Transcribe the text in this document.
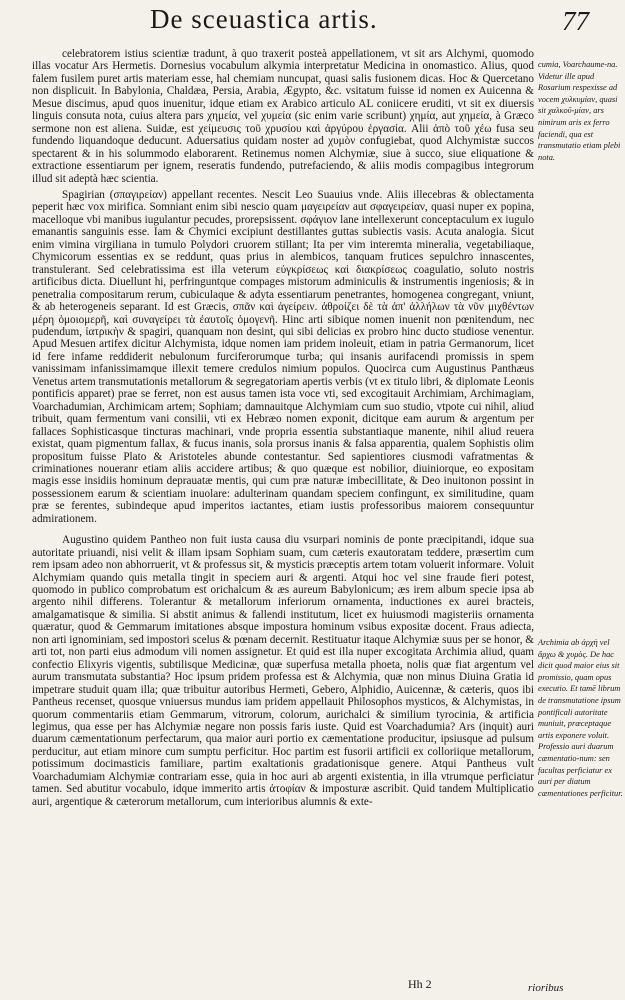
De sceuastica artis.	77

celebratorem istius scientiæ tradunt, à quo traxerit posteà appellationem, vt sit ars Alchymi, quomodo illas vocatur Ars Hermetis. Dornesius vocabulum alkymia interpretatur Medicina in onomastico. Alius, quod falem fusilem puret artis materiam esse, hal chemiam nuncupat, quasi salis fusionem dicas. Hoc & Quercetano non displicuit. In Babylonia, Chaldæa, Persia, Arabia, Ægypto, &c. vsitatum fuisse id nomen ex Auicenna & Mesue discimus, apud quos inuenitur, idque etiam ex Arabico articulo AL coniicere eruditi, vt sit ex diuersis linguis consuta nota, cuius altera pars χημεία, vel χυμεία (sic enim varie scribunt) χημία, aut χημεία, à Græco sermone non est aliena. Suidæ, est χείμευσις τοῦ χρυσίου καὶ ἀργύρου ἐργασία. Alii ἀπὸ τοῦ χέω fusa seu fundendo liquandoque deducunt. Aduersatius quidam noster ad χυμὸν confugiebat, quod Alchymistæ succos spectarent & in his solummodo elaborarent. Retinemus nomen Alchymiæ, siue à succo, siue eliquatione & extractione essentiarum per ignem, reseratis fundendo, putrefaciendo, & aliis modis compagibus integrorum illud sit adeptà hæc scientia.

Spagirian (σπαγιρείαν) appellant recentes. Nescit Leo Suauius vnde. Aliis illecebras & oblectamenta peperit hæc vox mirifica. Somniant enim sibi nescio quam μαγειρείαν aut σφαγειρείαν, quasi nuper ex popina, macelloque vbi manibus iugulantur pecudes, prorepsissent. σφάγιον lane intellexerunt conceptaculum ex iugulo emanantis sanguinis esse. Iam & Chymici excipiunt destillantes guttas subiectis vasis. Acuta analogia. Sicut enim vimina virgiliana in tumulo Polydori cruorem stillant; Ita per vim interemta mineralia, vegetabiliaque, Chymicorum essentias ex se reddunt, quas prius in alembicos, tanquam frutices sepulchro innascentes, transtulerant. Sed celebratissima est illa veterum εὐγκρίσεως καὶ διακρίσεως coagulatio, soluto nostris artificibus dicta. Diuellunt hi, perfringuntque compages mistorum adminiculis & instrumentis ingeniosis; & in penetralia compositarum rerum, cubiculaque & adyta essentiarum penetrantes, homogenea congregant, vniunt, & ab heterogeneis separant. Id est Græcis, σπᾶν καὶ ἀγείρειν. ἀθροίζει δὲ τὰ ἀπ' ἀλλήλων τὰ νῦν μιχθέντων μέρη ὁμοιομερῆ, καὶ συναγείρει τὰ ἐαυτοῖς ὁμογενῆ. Hinc arti sibique nomen inuenit non pœnitendum, nec pudendum, ἰατρικὴν & spagiri, quanquam non desint, qui sibi delicias ex probro hinc ducto studiose venentur. Apud Mesuen artifex dicitur Alchymista, idque nomen iam pridem inoleuit, etiam in patria Germanorum, licet id fere infame reddiderit nebulonum furciferorumque turba; qui insanis aurifacendi promissis in spem vanissimam infanissimamque illexit temere credulos nimium populos. Quocirca cum Augustinus Panthæus Venetus artem transmutationis metallorum & segregatoriam apertis verbis (vt ex titulo libri, & diplomate Leonis pontificis apparet) prae se ferret, non est ausus tamen ista voce vti, sed excogitauit Archimiam, Archimagiam, Voarchadumian, Archimicam artem; Sophiam; damnauitque Alchymiam cum suo studio, vtpote cui nihil, aliud tribuit, quam fermentum vani consilii, vti ex Hebræo nomen exponit, dicitque eam aurum & argentum per fallaces Sophisticasque tincturas machinari, vnde propria essentia substantiaque manente, nihil aliud reuera existat, quam pigmentum fallax, & fucus inanis, sola prorsus inanis & falsa apparentia, qualem Sophistis olim propositum fuisse Plato & Aristoteles abunde contestantur. Sed sapientiores ciusmodi vafratmentas & criminationes noueranr etiam aliis accidere artibus; & quo quæque est nobilior, diuiniorque, eo expositam magis esse insidiis hominum deprauatæ mentis, qui cum præ naturæ imbecillitate, & Deo inuitonon possint in possessionem earum & scientiam inuolare: adulterinam quandam speciem confingunt, ex similitudine, quam præ se ferentes, subindeque apud imperitos iactantes, etiam iustis professoribus maiorem consequuntur admirationem.

Augustino quidem Pantheo non fuit iusta causa diu vsurpari nominis de ponte præcipitandi, idque sua autoritate priuandi, nisi velit & illam ipsam Sophiam suam, cum cæteris exautoratam teddere, præsertim cum rem ipsam adeo non abhorruerit, vt & professus sit, & mysticis præceptis artem totam voluerit informare. Voluit Alchymiam quando quis metalla tingit in speciem auri & argenti. Atqui hoc vel sine fraude fieri potest, quomodo in publico comprobatum est orichalcum & æs aureum Babylonicum; æs irem album specie ipsa ab argento nihil differens. Tolerantur & metallorum inferiorum ornamenta, inductiones ex aurei bracteis, amalgamatisque & similia. Si abstit animus & fallendi institutum, licet ex huiusmodi magisteriis ornamenta quæratur, quod & Gemmarum imitationes absque impostura hominum vsibus expositæ docent. Fraus adiecta, non arti ignominiam, sed impostori scelus & pœnam decernit. Restituatur itaque Alchymiæ suus per se honor, & arti tot, non parti eius admodum vili nomen assignetur. Et quid est illa nuper excogitata Archimia aliud, quam confectio Elixyris vigentis, subtilisque Medicinæ, quæ superfusa metalla phoeta, nolis quæ fiat argentum vel aurum transmutata substantia? Hoc ipsum pridem professa est & Alchymia, quæ non minus Diuina Gratia id impetrare studuit quam illa; quæ tribuitur autoribus Hermeti, Gebero, Alphidio, Auicennæ, & cæteris, quos ibi Pantheus recenset, quosque vniuersus mundus iam pridem appellauit Philosophos mysticos, & Alchymistas, in quorum commentariis etiam Gemmarum, vitrorum, colorum, aurichalci & similium tyrocinia, & artificia legimus, qua esse per has Alchymiæ negare non possis faris iuste. Quid est Voarchadumia? Ars (inquit) auri duarum cæmentationum perfectarum, qua maior auri portio ex cæmentatione producitur, ipsiusque ad pulsum perducitur, aut etiam minore cum sumptu perficitur. Hoc partim est fusorii artificii ex colloriique metallorum, potissimum docimasticis familiare, partim exaltationis gradationisque genere. Atqui Pantheus vult Voarchadumiam Alchymiæ contrariam esse, quia in hoc auri ab argenti existentia, in illa vtrumque perficiatur tamen. Sed abutitur vocabulo, idque immerito artis ἀτοφίαν & imposturæ ascribit. Quid tandem Multiplicatio auri, argentique & cæterorum metallorum, cum interioribus alumnis & exte-

cumia, Voarchaume-na. Videtur ille apud Rosarium respexisse ad vocem χυλκυμίαν, quasi sit χαλκοῦ-μίαν, ars nimirum aris ex ferro faciendi, qua est transmutatio etiam plebi nota.
Archimia ab ἀρχὴ vel ἄρχω & χυμὸς. De hac dicit quod maior eius sit promissio, quam opus executio. Et tamē librum de transmutatione ipsum pontificali autoritate muniuit, præceptaque artis exponere voluit. Professio auri duarum cæmentatio-num: sen facultas perficiatur ex auri per diatum cæmentationes perficitur.
Hh 2	rioribus
